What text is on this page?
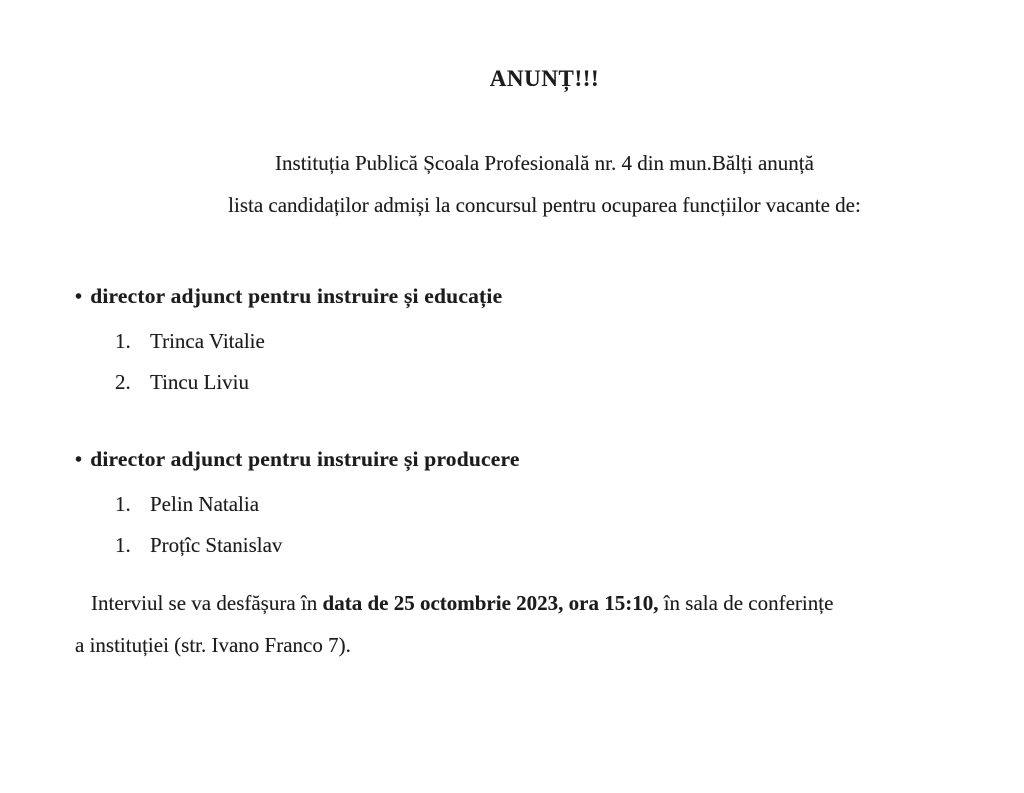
ANUNȚ!!!
Instituția Publică Școala Profesională nr. 4 din mun.Bălți anunță
lista candidaților admiși la concursul pentru ocuparea funcțiilor vacante de:
• director adjunct pentru instruire și educație
1. Trinca Vitalie
2. Tincu Liviu
• director adjunct pentru instruire și producere
1. Pelin Natalia
1. Proțîc Stanislav
Interviul se va desfășura în data de 25 octombrie 2023, ora 15:10, în sala de conferințe
a instituției (str. Ivano Franco 7).
